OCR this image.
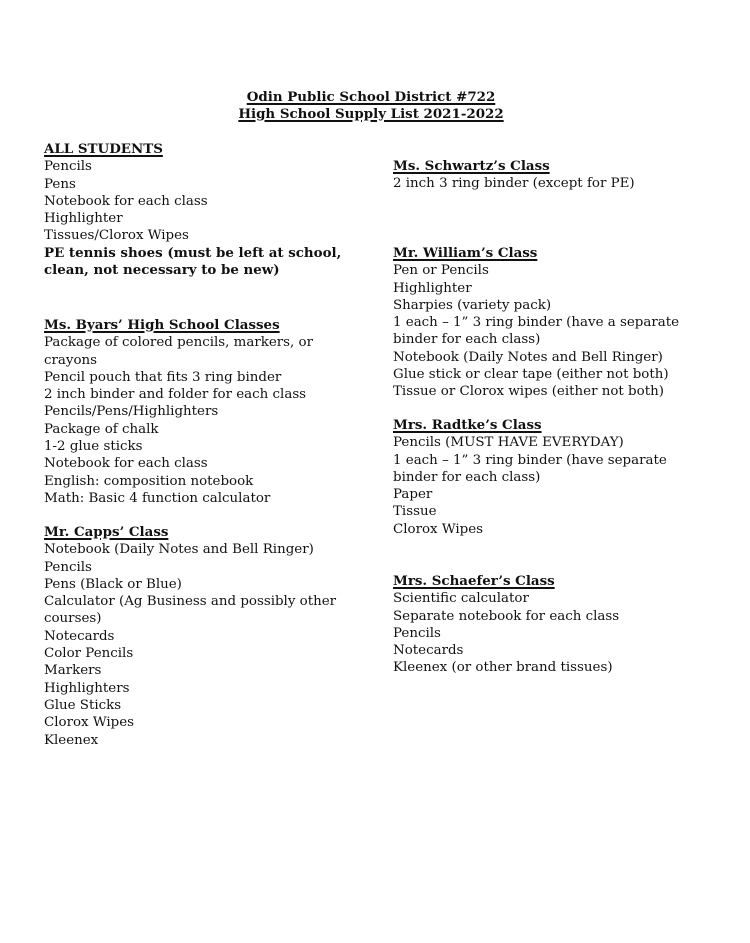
Odin Public School District #722
High School Supply List 2021-2022
ALL STUDENTS
Pencils
Pens
Notebook for each class
Highlighter
Tissues/Clorox Wipes
PE tennis shoes (must be left at school, clean, not necessary to be new)
Ms. Byars’ High School Classes
Package of colored pencils, markers, or crayons
Pencil pouch that fits 3 ring binder
2 inch binder and folder for each class
Pencils/Pens/Highlighters
Package of chalk
1-2 glue sticks
Notebook for each class
English: composition notebook
Math: Basic 4 function calculator
Mr. Capps’ Class
Notebook (Daily Notes and Bell Ringer)
Pencils
Pens (Black or Blue)
Calculator (Ag Business and possibly other courses)
Notecards
Color Pencils
Markers
Highlighters
Glue Sticks
Clorox Wipes
Kleenex
Ms. Schwartz’s Class
2 inch 3 ring binder (except for PE)
Mr. William’s Class
Pen or Pencils
Highlighter
Sharpies (variety pack)
1 each – 1” 3 ring binder (have a separate binder for each class)
Notebook (Daily Notes and Bell Ringer)
Glue stick or clear tape (either not both)
Tissue or Clorox wipes (either not both)
Mrs. Radtke’s Class
Pencils (MUST HAVE EVERYDAY)
1 each – 1” 3 ring binder (have separate binder for each class)
Paper
Tissue
Clorox Wipes
Mrs. Schaefer’s Class
Scientific calculator
Separate notebook for each class
Pencils
Notecards
Kleenex (or other brand tissues)
